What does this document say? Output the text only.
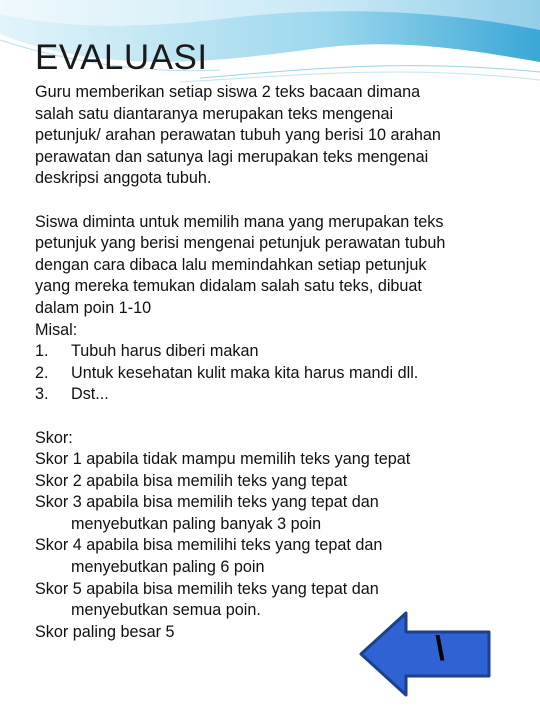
EVALUASI

Guru memberikan setiap siswa 2 teks bacaan dimana

salah satu diantaranya merupakan teks mengenai

petunjuk/ arahan perawatan tubuh yang berisi 10 arahan

perawatan dan satunya lagi merupakan teks mengenai

deskripsi anggota tubuh.

Siswa diminta untuk memilih mana yang merupakan teks

petunjuk yang berisi mengenai petunjuk perawatan tubuh

dengan cara dibaca lalu memindahkan setiap petunjuk

yang mereka temukan didalam salah satu teks, dibuat

dalam poin 1-10

Misal:

1.	Tubuh harus diberi makan
2.	Untuk kesehatan kulit maka kita harus mandi dll.
3.	Dst...

Skor:

Skor 1 apabila tidak mampu memilih teks yang tepat

Skor 2 apabila bisa memilih teks yang tepat

Skor 3 apabila bisa memilih teks yang tepat dan

menyebutkan paling banyak 3 poin

Skor 4 apabila bisa memilihi teks yang tepat dan

menyebutkan paling 6 poin

Skor 5 apabila bisa memilih teks yang tepat dan

menyebutkan semua poin.

Skor paling besar 5	\
